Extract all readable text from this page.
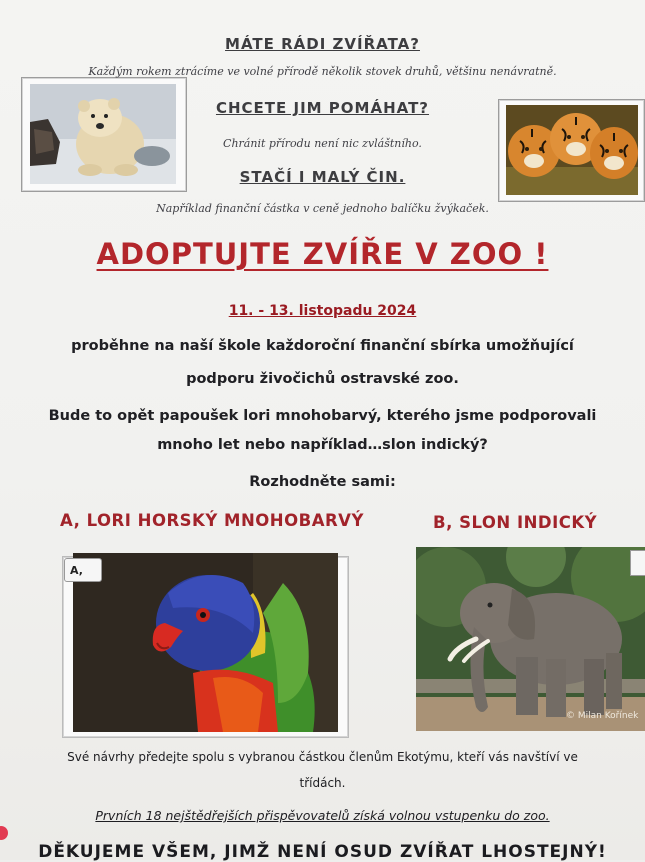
MÁTE RÁDI ZVÍŘATA?
Každým rokem ztrácíme ve volné přírodě několik stovek druhů, většinu nenávratně.
CHCETE JIM POMÁHAT?
Chránit přírodu není nic zvláštního.
STAČÍ I MALÝ ČIN.
Například finanční částka v ceně jednoho balíčku žvýkaček.
ADOPTUJTE ZVÍŘE V ZOO !
11. - 13. listopadu 2024
proběhne na naší škole každoroční finanční sbírka umožňující
podporu živočichů ostravské zoo.
Bude to opět papoušek lori mnohobarvý, kterého jsme podporovali
mnoho let nebo například…slon indický?
Rozhodněte sami:
A, LORI HORSKÝ MNOHOBARVÝ	B, SLON INDICKÝ
A,
© Milan Kořínek
Své návrhy předejte spolu s vybranou částkou členům Ekotýmu, kteří vás navštíví ve
třídách.
Prvních 18 nejštědřejších přispěvovatelů získá volnou vstupenku do zoo.
DĚKUJEME VŠEM, JIMŽ NENÍ OSUD ZVÍŘAT LHOSTEJNÝ!
